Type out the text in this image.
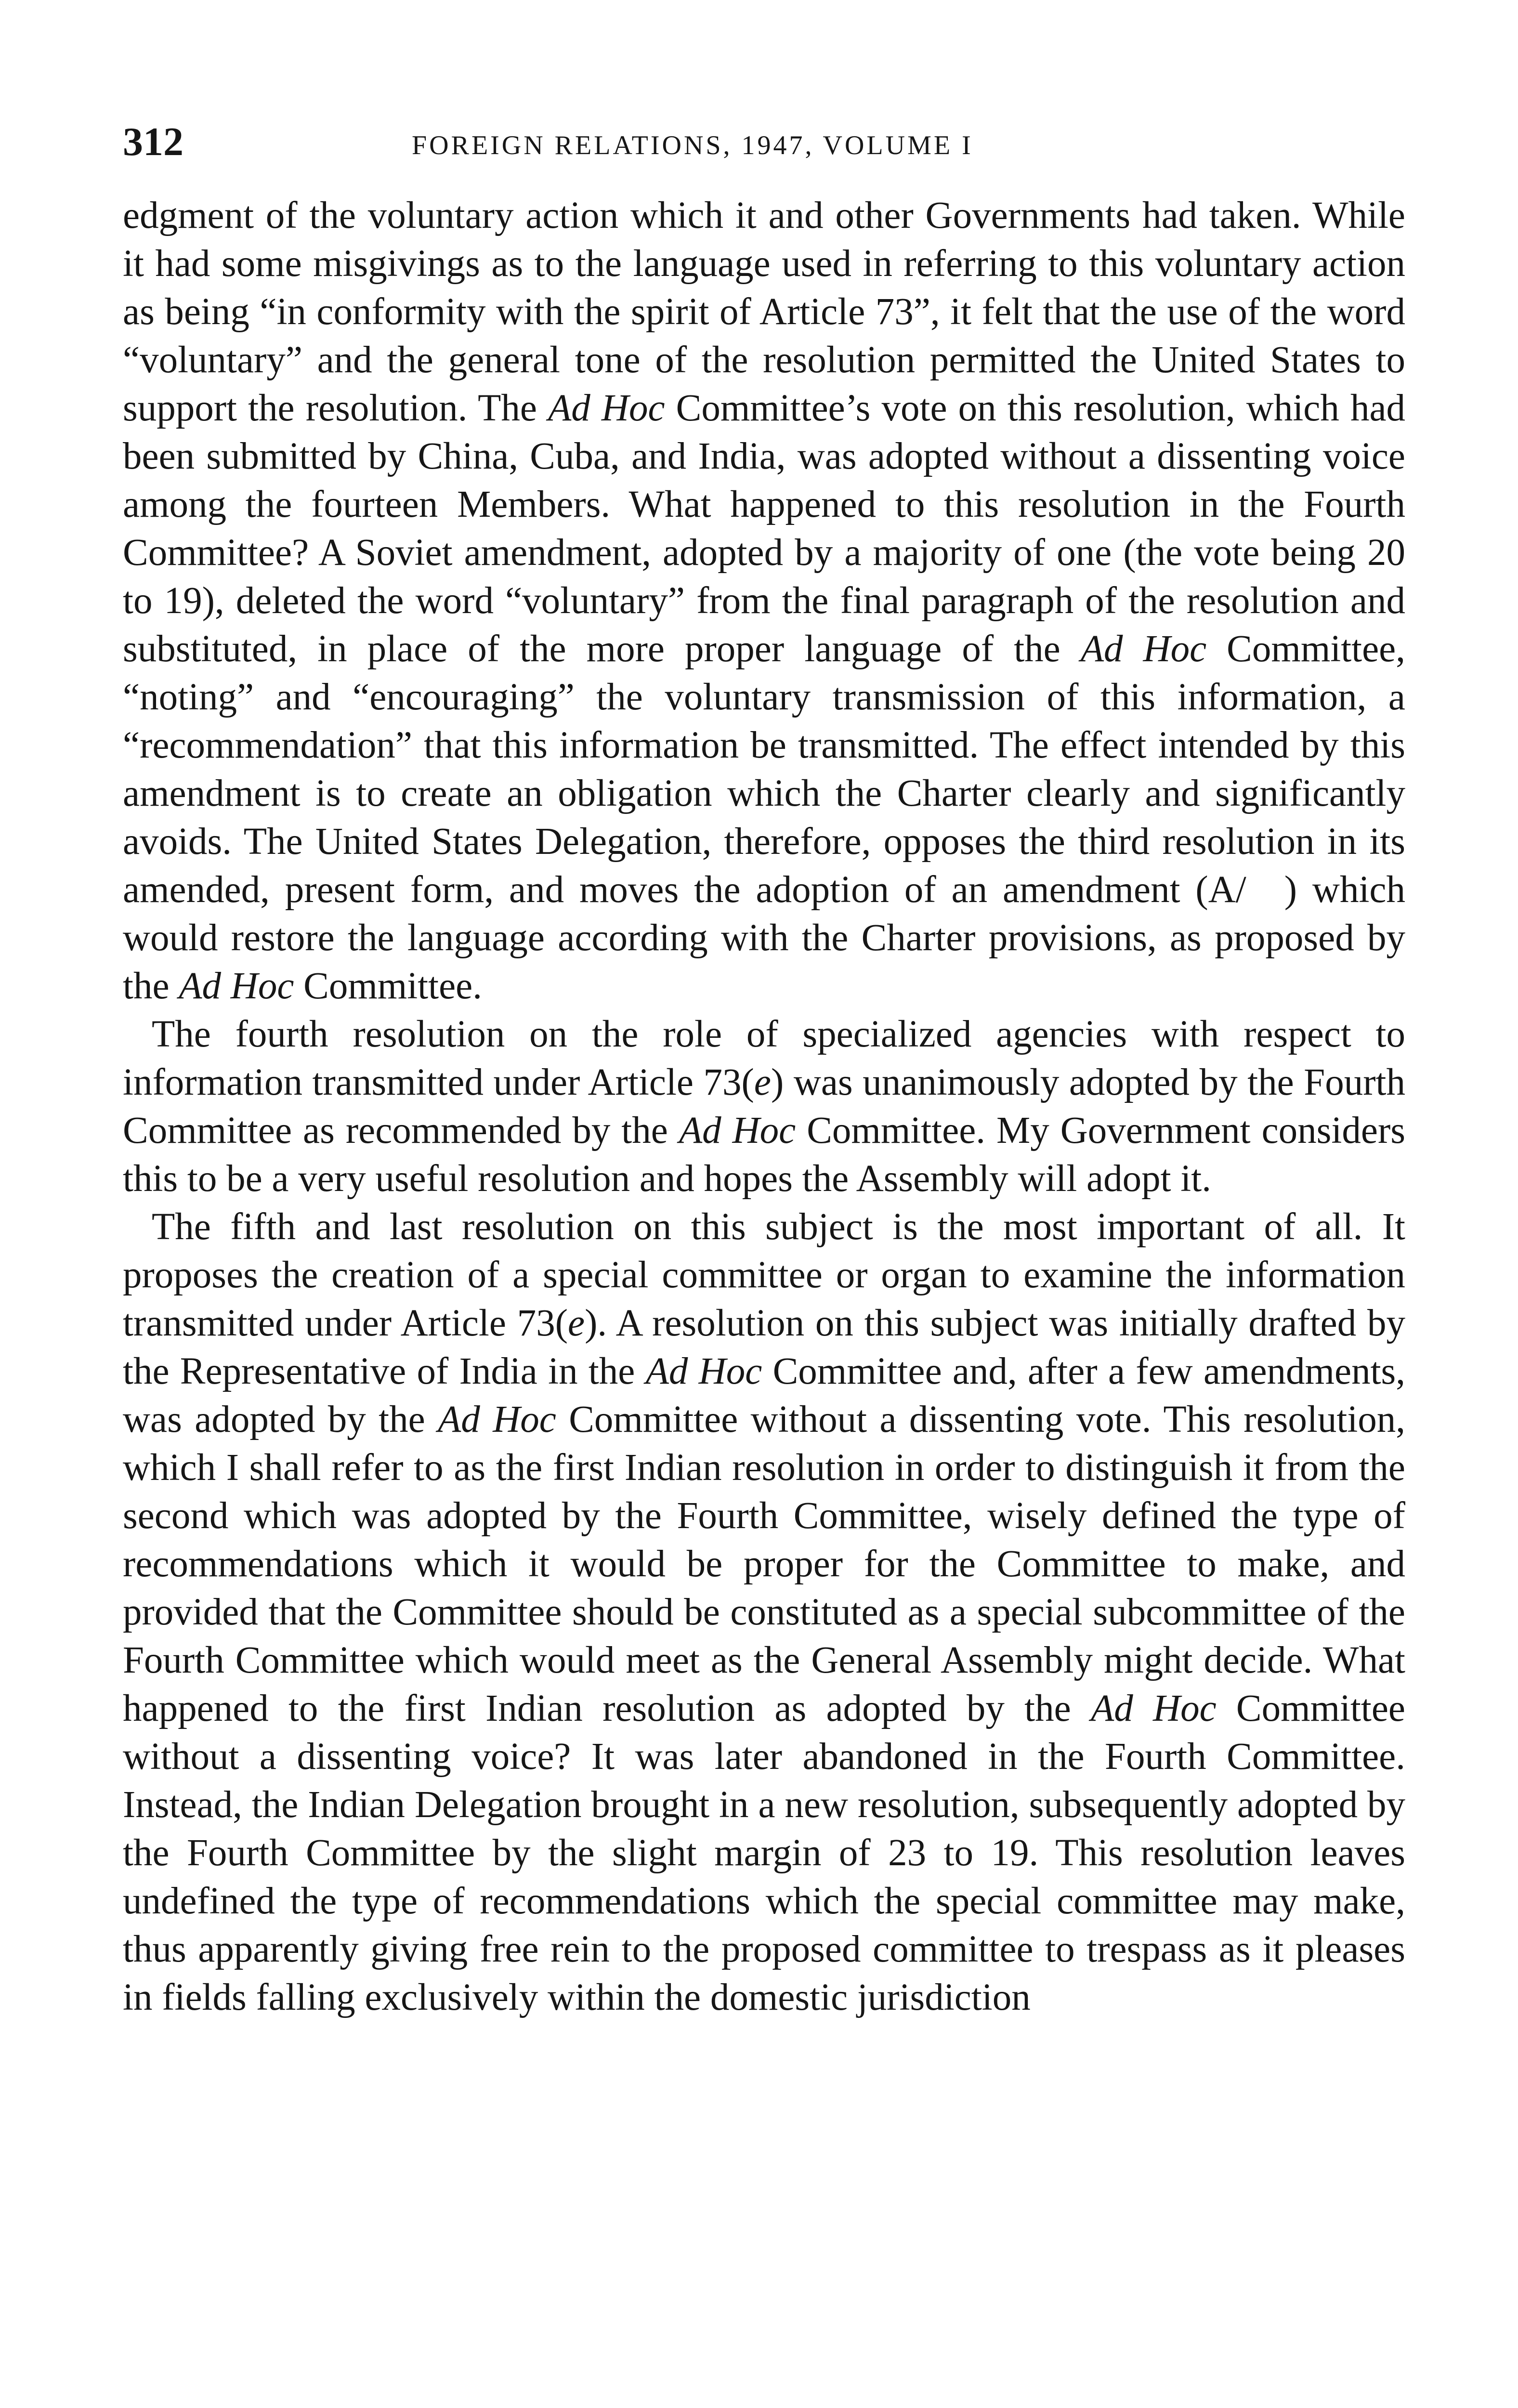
312	FOREIGN RELATIONS, 1947, VOLUME I

edgment of the voluntary action which it and other Governments had taken. While it had some misgivings as to the language used in referring to this voluntary action as being “in conformity with the spirit of Article 73”, it felt that the use of the word “voluntary” and the general tone of the resolution permitted the United States to support the resolution. The Ad Hoc Committee’s vote on this resolution, which had been submitted by China, Cuba, and India, was adopted without a dissenting voice among the fourteen Members. What happened to this resolution in the Fourth Committee? A Soviet amendment, adopted by a majority of one (the vote being 20 to 19), deleted the word “voluntary” from the final paragraph of the resolution and substituted, in place of the more proper language of the Ad Hoc Committee, “noting” and “encouraging” the voluntary transmission of this information, a “recommendation” that this information be transmitted. The effect intended by this amendment is to create an obligation which the Charter clearly and significantly avoids. The United States Delegation, therefore, opposes the third resolution in its amended, present form, and moves the adoption of an amendment (A/ ) which would restore the language according with the Charter provisions, as proposed by the Ad Hoc Committee.

The fourth resolution on the role of specialized agencies with respect to information transmitted under Article 73(e) was unanimously adopted by the Fourth Committee as recommended by the Ad Hoc Committee. My Government considers this to be a very useful resolution and hopes the Assembly will adopt it.

The fifth and last resolution on this subject is the most important of all. It proposes the creation of a special committee or organ to examine the information transmitted under Article 73(e). A resolution on this subject was initially drafted by the Representative of India in the Ad Hoc Committee and, after a few amendments, was adopted by the Ad Hoc Committee without a dissenting vote. This resolution, which I shall refer to as the first Indian resolution in order to distinguish it from the second which was adopted by the Fourth Committee, wisely defined the type of recommendations which it would be proper for the Committee to make, and provided that the Committee should be constituted as a special subcommittee of the Fourth Committee which would meet as the General Assembly might decide. What happened to the first Indian resolution as adopted by the Ad Hoc Committee without a dissenting voice? It was later abandoned in the Fourth Committee. Instead, the Indian Delegation brought in a new resolution, subsequently adopted by the Fourth Committee by the slight margin of 23 to 19. This resolution leaves undefined the type of recommendations which the special committee may make, thus apparently giving free rein to the proposed committee to trespass as it pleases in fields falling exclusively within the domestic jurisdiction
